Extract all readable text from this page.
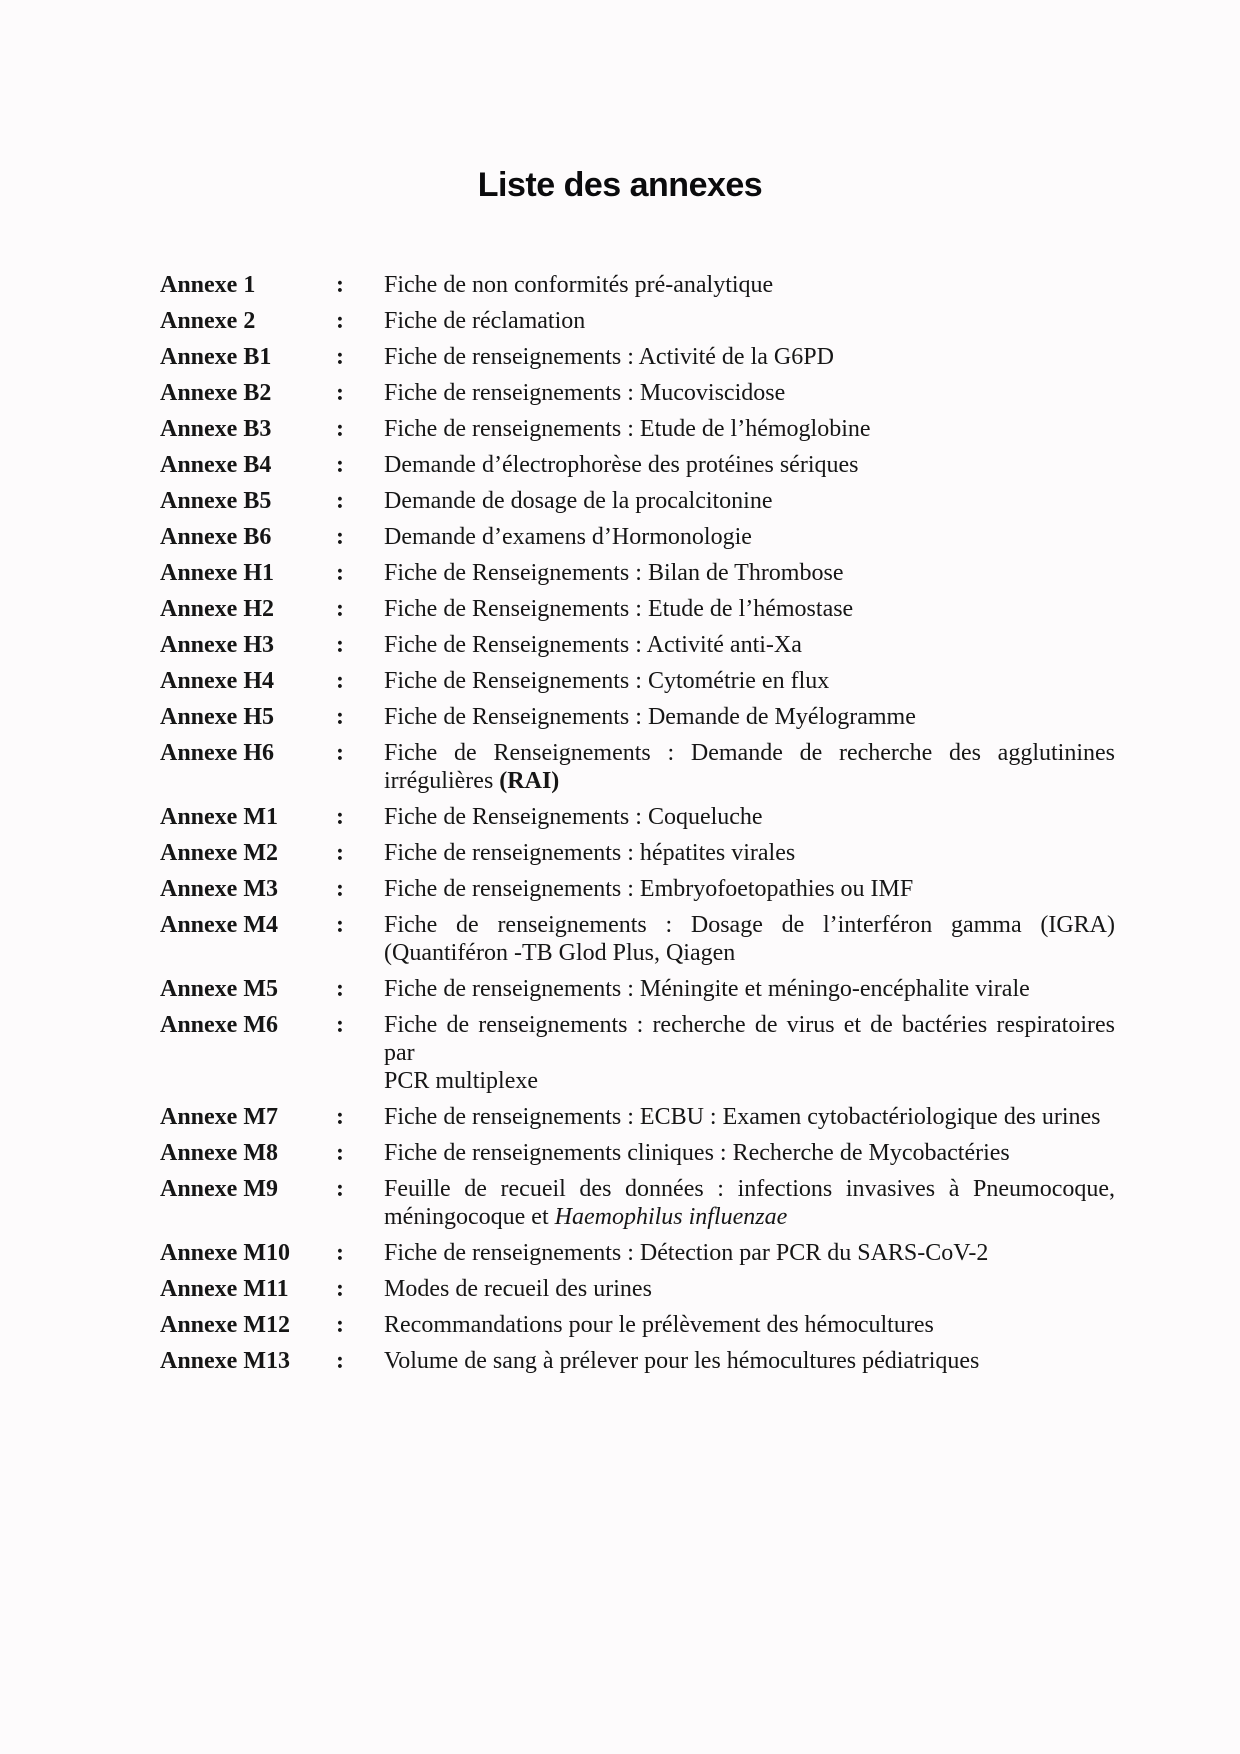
Liste des annexes
Annexe 1	:	Fiche de non conformités pré-analytique
Annexe 2	:	Fiche de réclamation
Annexe B1	:	Fiche de renseignements : Activité de la G6PD
Annexe B2	:	Fiche de renseignements : Mucoviscidose
Annexe B3	:	Fiche de renseignements : Etude de l’hémoglobine
Annexe B4	:	Demande d’électrophorèse des protéines sériques
Annexe B5	:	Demande de dosage de la procalcitonine
Annexe B6	:	Demande d’examens d’Hormonologie
Annexe H1	:	Fiche de Renseignements : Bilan de Thrombose
Annexe H2	:	Fiche de Renseignements : Etude de l’hémostase
Annexe H3	:	Fiche de Renseignements : Activité anti-Xa
Annexe H4	:	Fiche de Renseignements : Cytométrie en flux
Annexe H5	:	Fiche de Renseignements : Demande de Myélogramme
Annexe H6	:	Fiche de Renseignements : Demande de recherche des agglutinines
irrégulières (RAI)
Annexe M1	:	Fiche de Renseignements : Coqueluche
Annexe M2	:	Fiche de renseignements : hépatites virales
Annexe M3	:	Fiche de renseignements : Embryofoetopathies ou IMF
Annexe M4	:	Fiche de renseignements : Dosage de l’interféron gamma (IGRA)
(Quantiféron -TB Glod Plus, Qiagen
Annexe M5	:	Fiche de renseignements : Méningite et méningo-encéphalite virale
Annexe M6	:	Fiche de renseignements : recherche de virus et de bactéries respiratoires par
PCR multiplexe
Annexe M7	:	Fiche de renseignements : ECBU : Examen cytobactériologique des urines
Annexe M8	:	Fiche de renseignements cliniques : Recherche de Mycobactéries
Annexe M9	:	Feuille de recueil des données : infections invasives à Pneumocoque,
méningocoque et Haemophilus influenzae
Annexe M10	:	Fiche de renseignements : Détection par PCR du SARS-CoV-2
Annexe M11	:	Modes de recueil des urines
Annexe M12	:	Recommandations pour le prélèvement des hémocultures
Annexe M13	:	Volume de sang à prélever pour les hémocultures pédiatriques
